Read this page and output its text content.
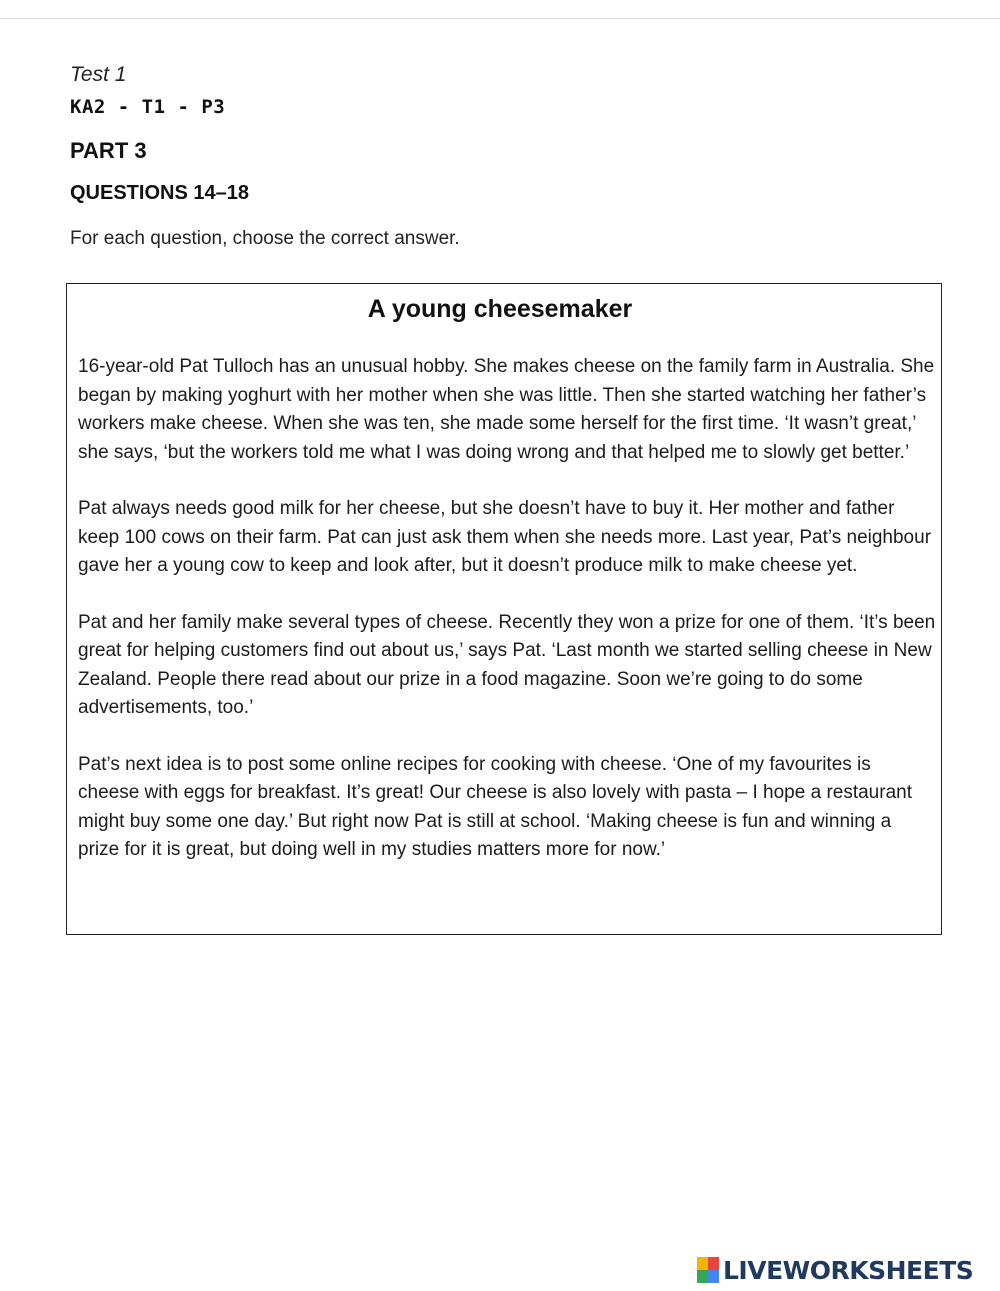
Test 1
KA2 - T1 - P3
PART 3
QUESTIONS 14–18
For each question, choose the correct answer.
A young cheesemaker

16-year-old Pat Tulloch has an unusual hobby. She makes cheese on the family farm in Australia. She began by making yoghurt with her mother when she was little. Then she started watching her father’s workers make cheese. When she was ten, she made some herself for the first time. ‘It wasn’t great,’ she says, ‘but the workers told me what I was doing wrong and that helped me to slowly get better.’

Pat always needs good milk for her cheese, but she doesn’t have to buy it. Her mother and father keep 100 cows on their farm. Pat can just ask them when she needs more. Last year, Pat’s neighbour gave her a young cow to keep and look after, but it doesn’t produce milk to make cheese yet.

Pat and her family make several types of cheese. Recently they won a prize for one of them. ‘It’s been great for helping customers find out about us,’ says Pat. ‘Last month we started selling cheese in New Zealand. People there read about our prize in a food magazine. Soon we’re going to do some advertisements, too.’

Pat’s next idea is to post some online recipes for cooking with cheese. ‘One of my favourites is cheese with eggs for breakfast. It’s great! Our cheese is also lovely with pasta – I hope a restaurant might buy some one day.’ But right now Pat is still at school. ‘Making cheese is fun and winning a prize for it is great, but doing well in my studies matters more for now.’

LIVEWORKSHEETS
